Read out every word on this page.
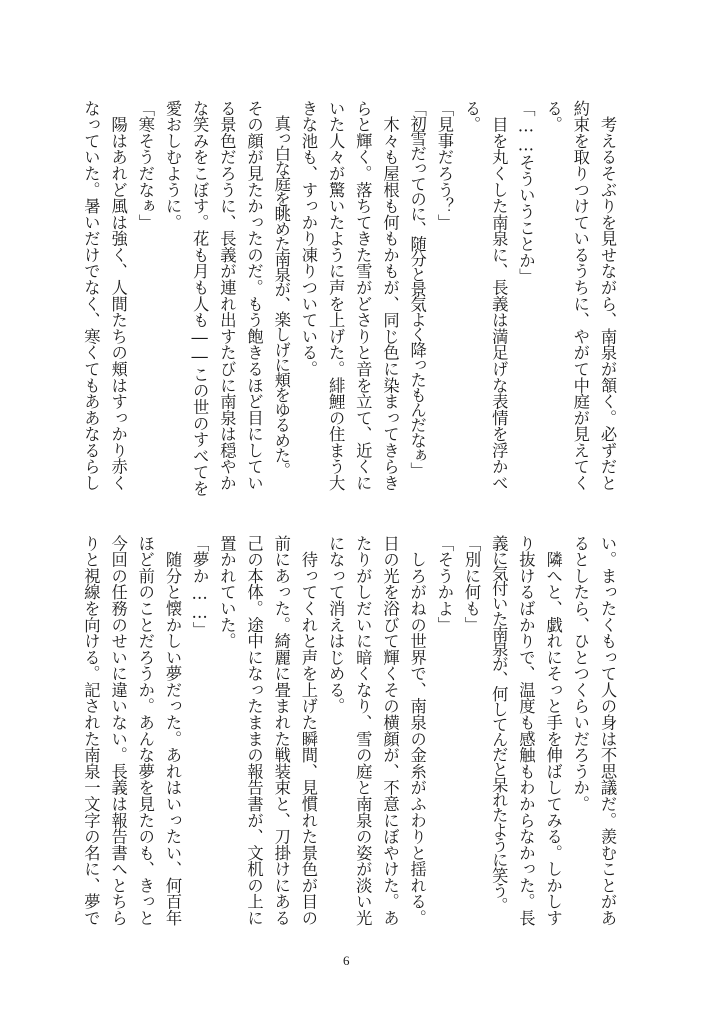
　考えるそぶりを見せながら、南泉が頷く。必ずだと
約束を取りつけているうちに、やがて中庭が見えてく
る。
「……そういうことか」
　目を丸くした南泉に、長義は満足げな表情を浮かべ
る。
「見事だろう？」
「初雪だってのに、随分と景気よく降ったもんだなぁ」
　木々も屋根も何もかもが、同じ色に染まってきらき
らと輝く。落ちてきた雪がどさりと音を立て、近くに
いた人々が驚いたように声を上げた。緋鯉の住まう大
きな池も、すっかり凍りついている。
　真っ白な庭を眺めた南泉が、楽しげに頬をゆるめた。
その顔が見たかったのだ。もう飽きるほど目にしてい
る景色だろうに、長義が連れ出すたびに南泉は穏やか
な笑みをこぼす。花も月も人も――この世のすべてを
愛おしむように。
「寒そうだなぁ」
　陽はあれど風は強く、人間たちの頬はすっかり赤く
なっていた。暑いだけでなく、寒くてもああなるらし
い。まったくもって人の身は不思議だ。羨むことがあ
るとしたら、ひとつくらいだろうか。
　隣へと、戯れにそっと手を伸ばしてみる。しかしす
り抜けるばかりで、温度も感触もわからなかった。長
義に気付いた南泉が、何してんだと呆れたように笑う。
「別に何も」
「そうかよ」
　しろがねの世界で、南泉の金糸がふわりと揺れる。
日の光を浴びて輝くその横顔が、不意にぼやけた。あ
たりがしだいに暗くなり、雪の庭と南泉の姿が淡い光
になって消えはじめる。
　待ってくれと声を上げた瞬間、見慣れた景色が目の
前にあった。綺麗に畳まれた戦装束と、刀掛けにある
己の本体。途中になったままの報告書が、文机の上に
置かれていた。
「夢か……」
　随分と懐かしい夢だった。あれはいったい、何百年
ほど前のことだろうか。あんな夢を見たのも、きっと
今回の任務のせいに違いない。長義は報告書へとちら
りと視線を向ける。記された南泉一文字の名に、夢で
6
